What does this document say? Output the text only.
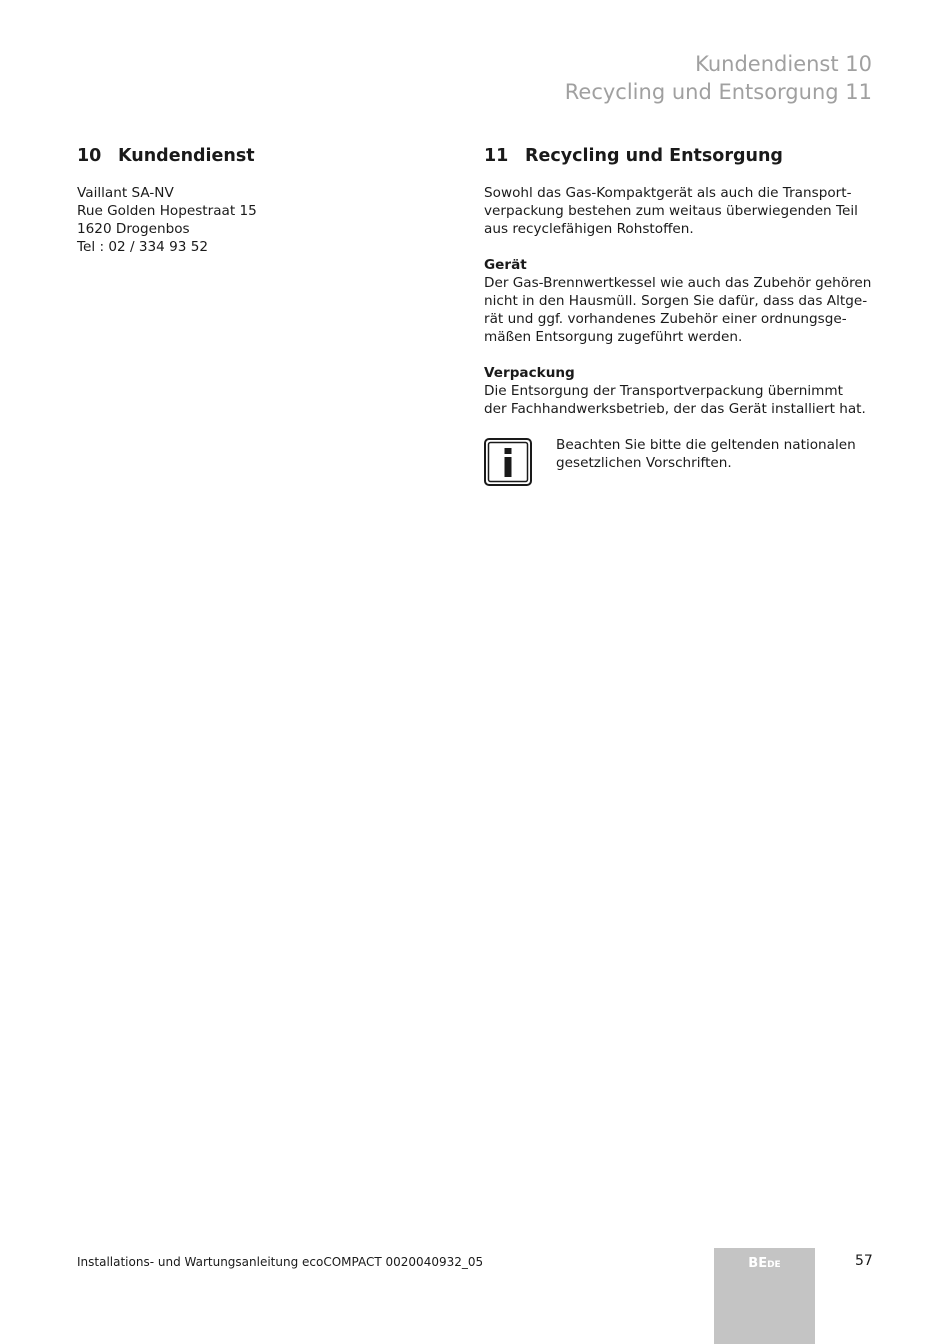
Kundendienst 10
Recycling und Entsorgung 11
10 Kundendienst

Vaillant SA-NV
Rue Golden Hopestraat 15
1620 Drogenbos
Tel : 02 / 334 93 52

11 Recycling und Entsorgung

Sowohl das Gas-Kompaktgerät als auch die Transport-
verpackung bestehen zum weitaus überwiegenden Teil
aus recyclefähigen Rohstoffen.

Gerät

Der Gas-Brennwertkessel wie auch das Zubehör gehören
nicht in den Hausmüll. Sorgen Sie dafür, dass das Altge-
rät und ggf. vorhandenes Zubehör einer ordnungsge-
mäßen Entsorgung zugeführt werden.

Verpackung

Die Entsorgung der Transportverpackung übernimmt
der Fachhandwerksbetrieb, der das Gerät installiert hat.

Beachten Sie bitte die geltenden nationalen
gesetzlichen Vorschriften.

Installations- und Wartungsanleitung ecoCOMPACT 0020040932_05	BEDE	57
